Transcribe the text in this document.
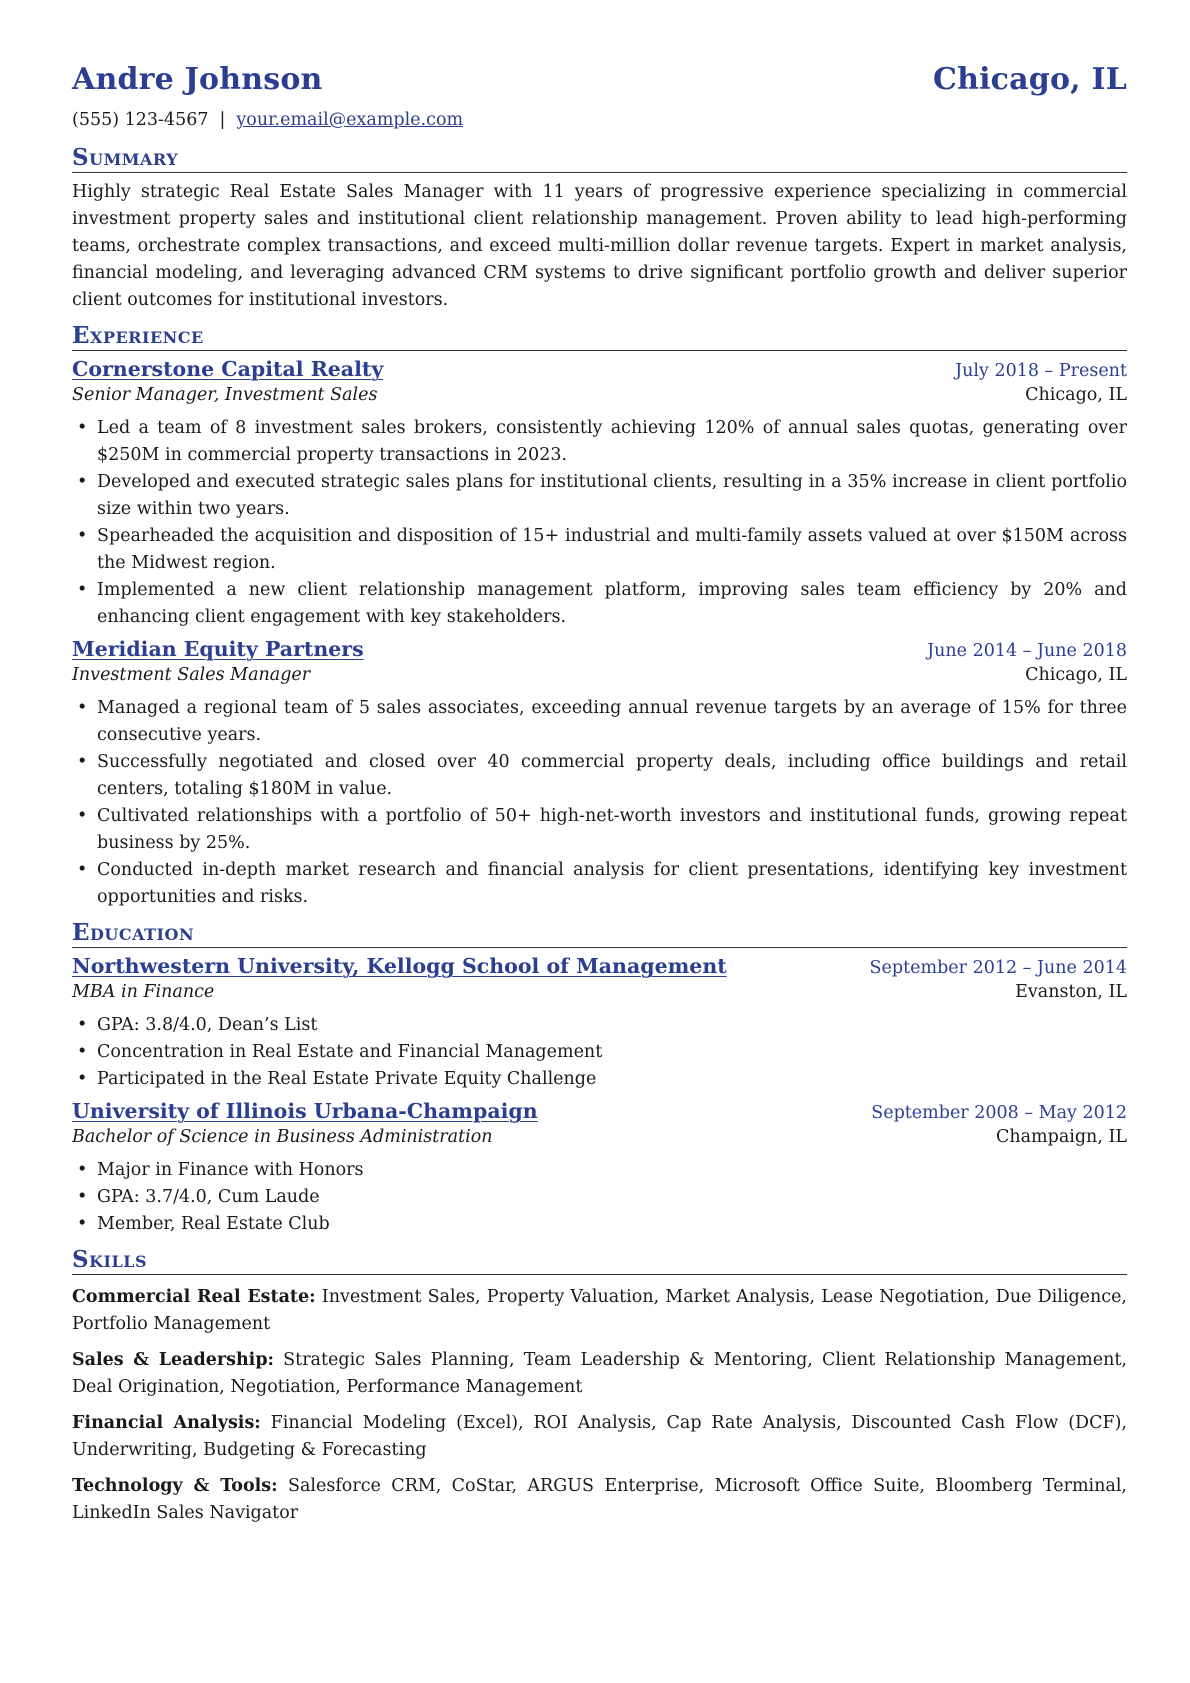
Andre Johnson	Chicago, IL
(555) 123-4567 | your.email@example.com
Summary
Highly strategic Real Estate Sales Manager with 11 years of progressive experience specializing in commercial investment property sales and institutional client relationship management. Proven ability to lead high-performing teams, orchestrate complex transactions, and exceed multi-million dollar revenue targets. Expert in market analysis, financial modeling, and leveraging advanced CRM systems to drive significant portfolio growth and deliver superior client outcomes for institutional investors.
Experience
Cornerstone Capital Realty	July 2018 – Present
Senior Manager, Investment Sales	Chicago, IL
• Led a team of 8 investment sales brokers, consistently achieving 120% of annual sales quotas, generating over $250M in commercial property transactions in 2023.
• Developed and executed strategic sales plans for institutional clients, resulting in a 35% increase in client portfolio size within two years.
• Spearheaded the acquisition and disposition of 15+ industrial and multi-family assets valued at over $150M across the Midwest region.
• Implemented a new client relationship management platform, improving sales team efficiency by 20% and enhancing client engagement with key stakeholders.
Meridian Equity Partners	June 2014 – June 2018
Investment Sales Manager	Chicago, IL
• Managed a regional team of 5 sales associates, exceeding annual revenue targets by an average of 15% for three consecutive years.
• Successfully negotiated and closed over 40 commercial property deals, including office buildings and retail centers, totaling $180M in value.
• Cultivated relationships with a portfolio of 50+ high-net-worth investors and institutional funds, growing repeat business by 25%.
• Conducted in-depth market research and financial analysis for client presentations, identifying key investment opportunities and risks.
Education
Northwestern University, Kellogg School of Management	September 2012 – June 2014
MBA in Finance	Evanston, IL
• GPA: 3.8/4.0, Dean’s List
• Concentration in Real Estate and Financial Management
• Participated in the Real Estate Private Equity Challenge
University of Illinois Urbana-Champaign	September 2008 – May 2012
Bachelor of Science in Business Administration	Champaign, IL
• Major in Finance with Honors
• GPA: 3.7/4.0, Cum Laude
• Member, Real Estate Club
Skills
Commercial Real Estate: Investment Sales, Property Valuation, Market Analysis, Lease Negotiation, Due Diligence, Portfolio Management
Sales & Leadership: Strategic Sales Planning, Team Leadership & Mentoring, Client Relationship Management, Deal Origination, Negotiation, Performance Management
Financial Analysis: Financial Modeling (Excel), ROI Analysis, Cap Rate Analysis, Discounted Cash Flow (DCF), Underwriting, Budgeting & Forecasting
Technology & Tools: Salesforce CRM, CoStar, ARGUS Enterprise, Microsoft Office Suite, Bloomberg Terminal, LinkedIn Sales Navigator
